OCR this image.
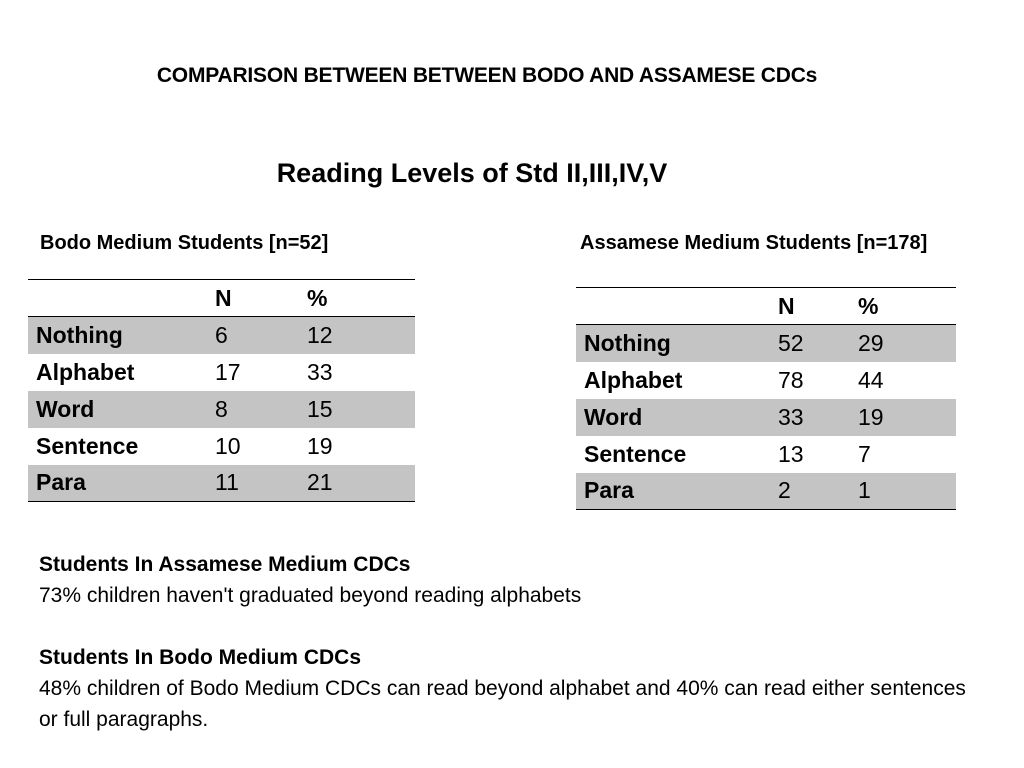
COMPARISON BETWEEN BETWEEN BODO AND ASSAMESE CDCs
Reading Levels of Std II,III,IV,V
Bodo Medium Students [n=52]	Assamese Medium Students [n=178]
	N	%
Nothing	6	12
Alphabet	17	33
Word	8	15
Sentence	10	19
Para	11	21
	N	%
Nothing	52	29
Alphabet	78	44
Word	33	19
Sentence	13	7
Para	2	1
Students In Assamese Medium CDCs
73% children haven't graduated beyond reading alphabets
Students In Bodo Medium CDCs
48% children of Bodo Medium CDCs can read beyond alphabet and 40% can read either sentences or full paragraphs.
